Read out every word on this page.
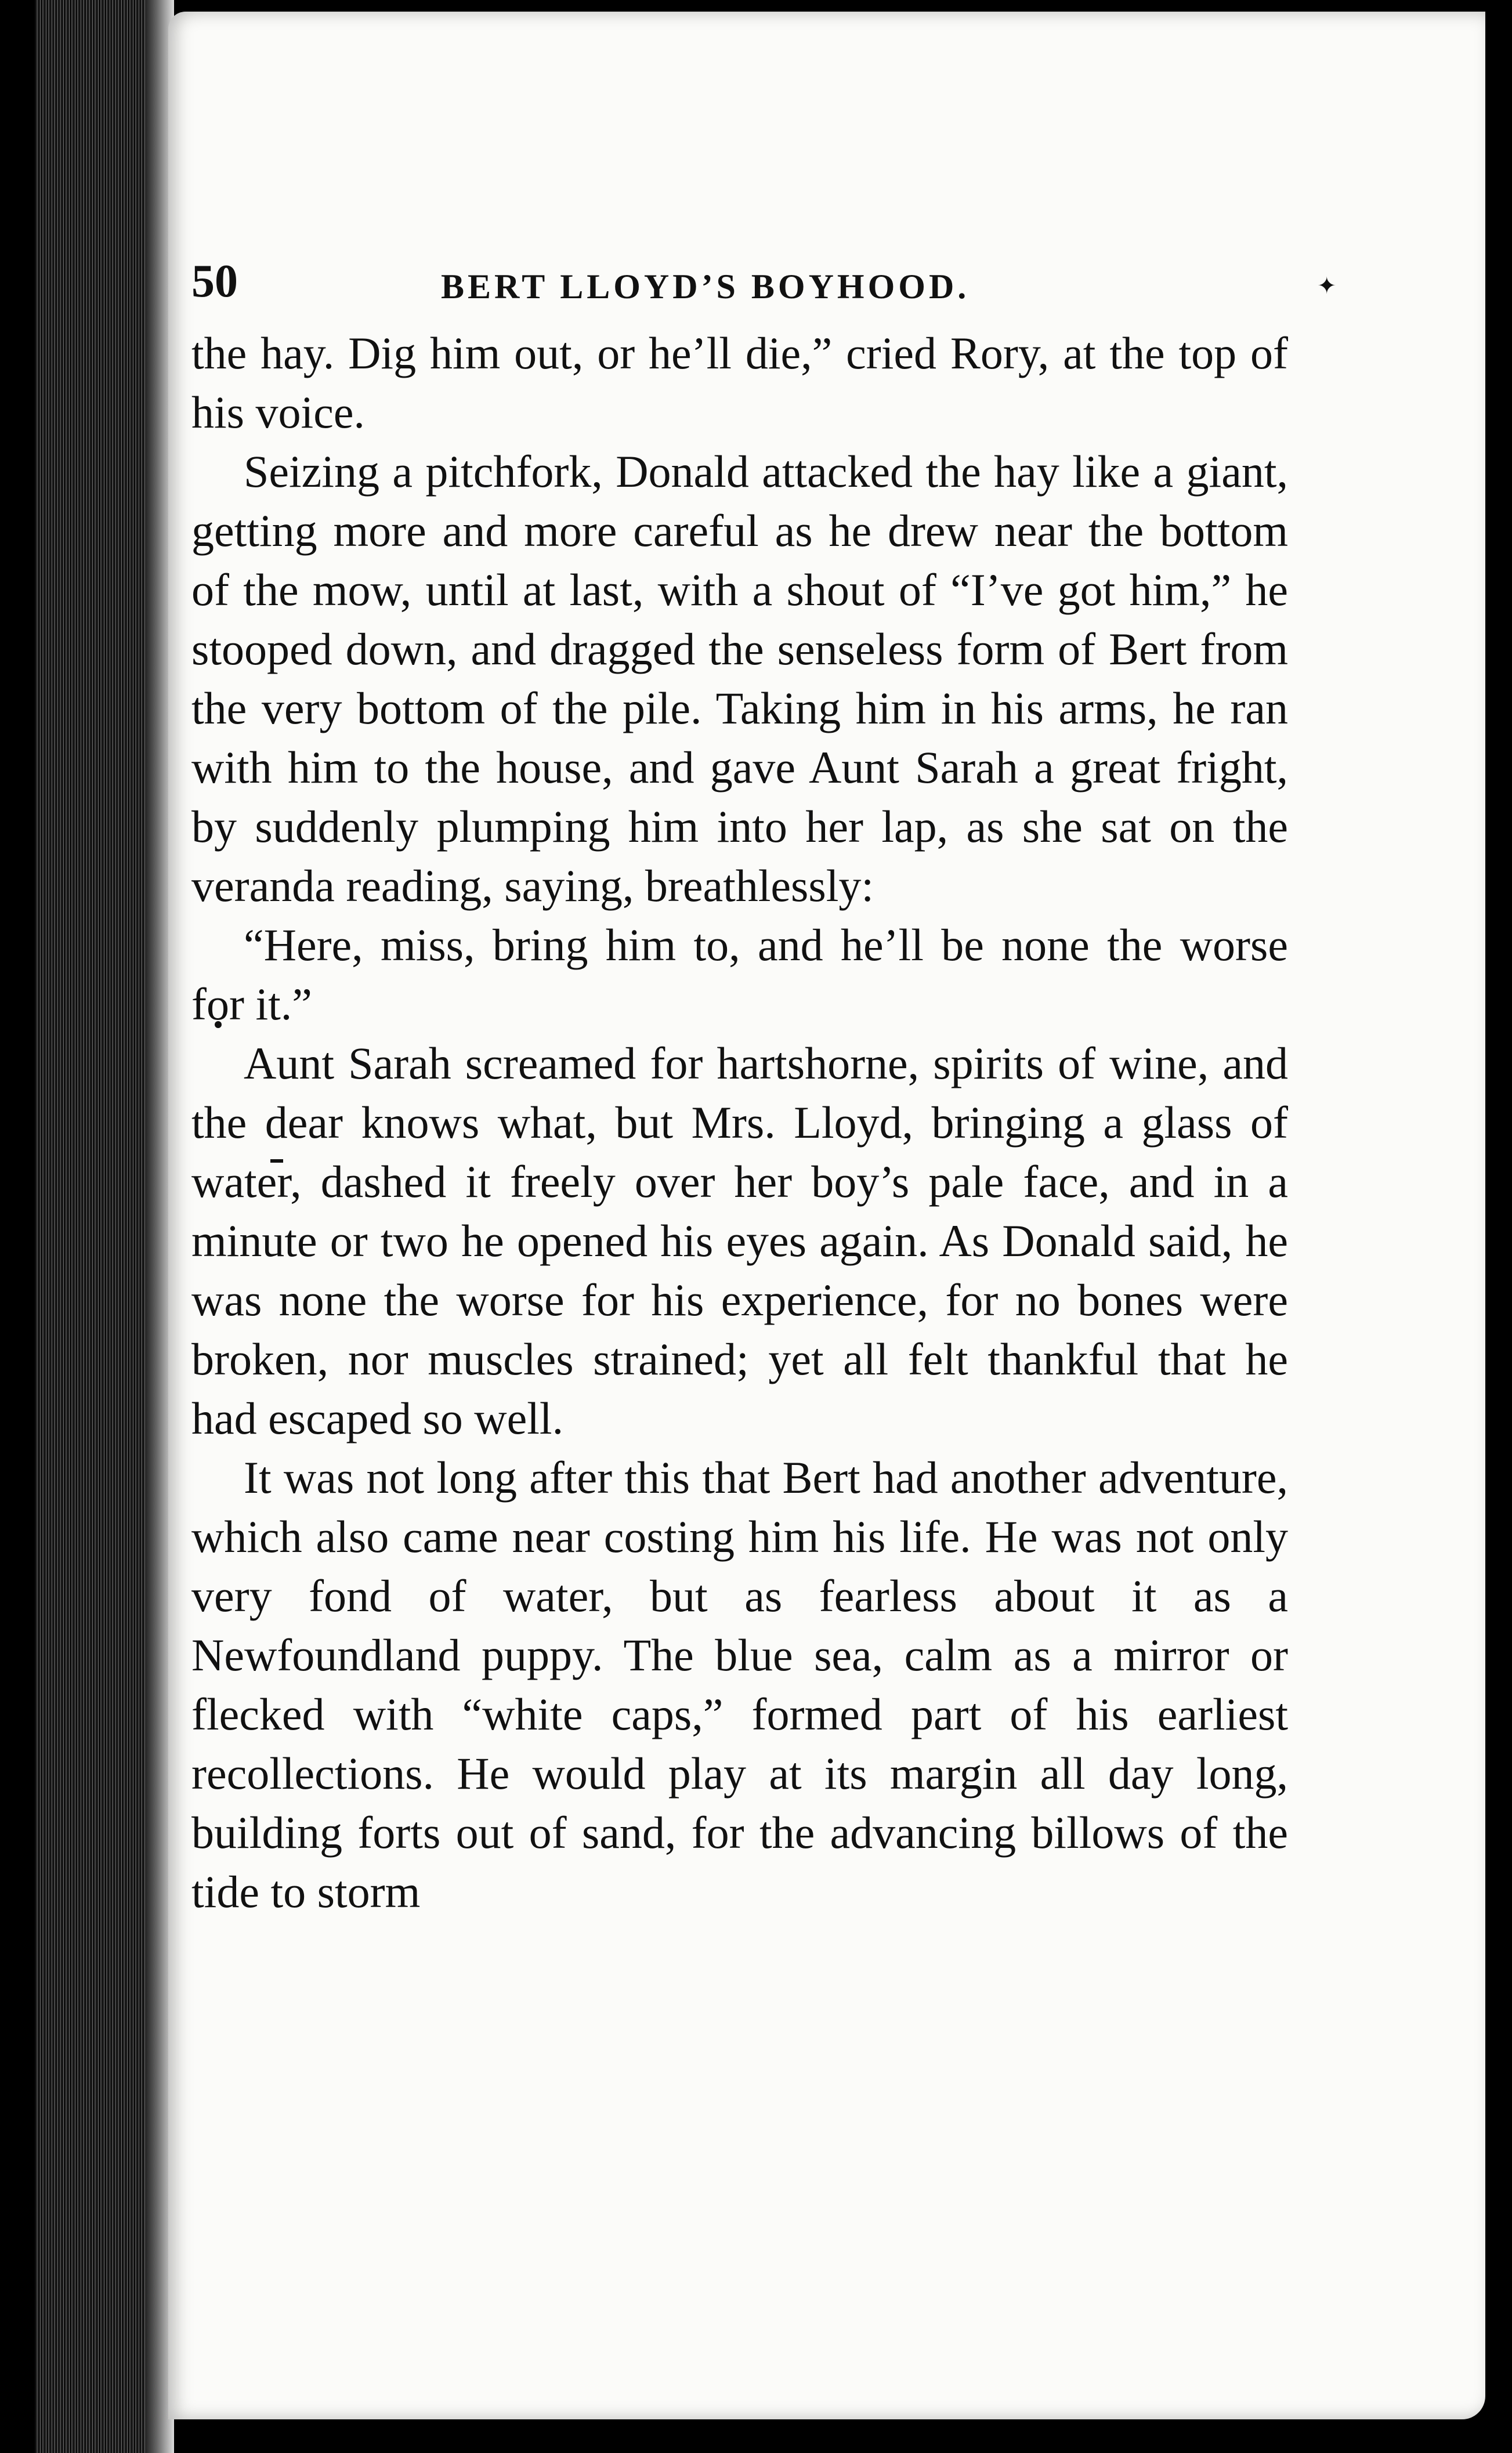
50	BERT LLOYD’S BOYHOOD.	✦

the hay. Dig him out, or he’ll die,” cried Rory, at the top of his voice.

Seizing a pitchfork, Donald attacked the hay like a giant, getting more and more careful as he drew near the bottom of the mow, until at last, with a shout of “I’ve got him,” he stooped down, and dragged the senseless form of Bert from the very bottom of the pile. Taking him in his arms, he ran with him to the house, and gave Aunt Sarah a great fright, by suddenly plumping him into her lap, as she sat on the veranda reading, saying, breathlessly:

“Here, miss, bring him to, and he’ll be none the worse for it.”

Aunt Sarah screamed for hartshorne, spirits of wine, and the dear knows what, but Mrs. Lloyd, bringing a glass of water, dashed it freely over her boy’s pale face, and in a minute or two he opened his eyes again. As Donald said, he was none the worse for his experience, for no bones were broken, nor muscles strained; yet all felt thankful that he had escaped so well.

It was not long after this that Bert had another adventure, which also came near costing him his life. He was not only very fond of water, but as fearless about it as a Newfoundland puppy. The blue sea, calm as a mirror or flecked with “white caps,” formed part of his earliest recollections. He would play at its margin all day long, building forts out of sand, for the advancing billows of the tide to storm
